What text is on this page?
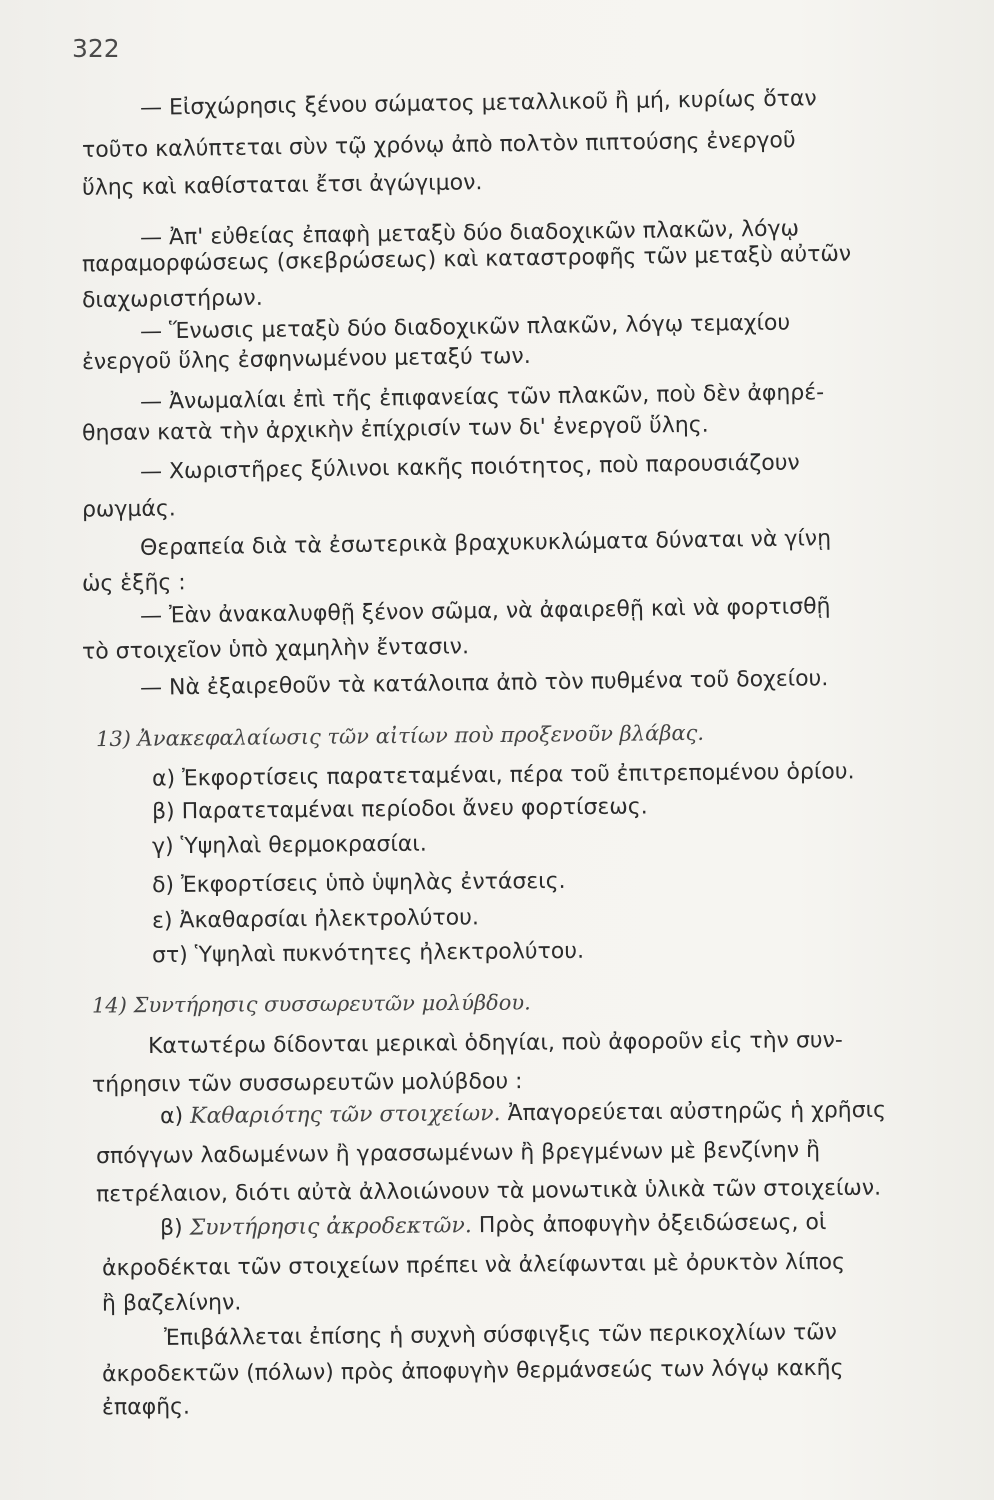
322
— Εἰσχώρησις ξένου σώματος μεταλλικοῦ ἢ μή, κυρίως ὅταν
τοῦτο καλύπτεται σὺν τῷ χρόνῳ ἀπὸ πολτὸν πιπτούσης ἐνεργοῦ
ὕλης καὶ καθίσταται ἔτσι ἀγώγιμον.
— Ἀπ' εὐθείας ἐπαφὴ μεταξὺ δύο διαδοχικῶν πλακῶν, λόγῳ
παραμορφώσεως (σκεβρώσεως) καὶ καταστροφῆς τῶν μεταξὺ αὐτῶν
διαχωριστήρων.
— Ἕνωσις μεταξὺ δύο διαδοχικῶν πλακῶν, λόγῳ τεμαχίου
ἐνεργοῦ ὕλης ἐσφηνωμένου μεταξύ των.
— Ἀνωμαλίαι ἐπὶ τῆς ἐπιφανείας τῶν πλακῶν, ποὺ δὲν ἀφηρέ-
θησαν κατὰ τὴν ἀρχικὴν ἐπίχρισίν των δι' ἐνεργοῦ ὕλης.
— Χωριστῆρες ξύλινοι κακῆς ποιότητος, ποὺ παρουσιάζουν
ρωγμάς.
Θεραπεία διὰ τὰ ἐσωτερικὰ βραχυκυκλώματα δύναται νὰ γίνῃ
ὡς ἑξῆς :
— Ἐὰν ἀνακαλυφθῇ ξένον σῶμα, νὰ ἀφαιρεθῇ καὶ νὰ φορτισθῇ
τὸ στοιχεῖον ὑπὸ χαμηλὴν ἔντασιν.
— Νὰ ἐξαιρεθοῦν τὰ κατάλοιπα ἀπὸ τὸν πυθμένα τοῦ δοχείου.
13) Ἀνακεφαλαίωσις τῶν αἰτίων ποὺ προξενοῦν βλάβας.
α) Ἐκφορτίσεις παρατεταμέναι, πέρα τοῦ ἐπιτρεπομένου ὁρίου.
β) Παρατεταμέναι περίοδοι ἄνευ φορτίσεως.
γ) Ὑψηλαὶ θερμοκρασίαι.
δ) Ἐκφορτίσεις ὑπὸ ὑψηλὰς ἐντάσεις.
ε) Ἀκαθαρσίαι ἠλεκτρολύτου.
στ) Ὑψηλαὶ πυκνότητες ἠλεκτρολύτου.
14) Συντήρησις συσσωρευτῶν μολύβδου.
Κατωτέρω δίδονται μερικαὶ ὁδηγίαι, ποὺ ἀφοροῦν εἰς τὴν συν-
τήρησιν τῶν συσσωρευτῶν μολύβδου :
α) Καθαριότης τῶν στοιχείων. Ἀπαγορεύεται αὐστηρῶς ἡ χρῆσις
σπόγγων λαδωμένων ἢ γρασσωμένων ἢ βρεγμένων μὲ βενζίνην ἢ
πετρέλαιον, διότι αὐτὰ ἀλλοιώνουν τὰ μονωτικὰ ὑλικὰ τῶν στοιχείων.
β) Συντήρησις ἀκροδεκτῶν. Πρὸς ἀποφυγὴν ὀξειδώσεως, οἱ
ἀκροδέκται τῶν στοιχείων πρέπει νὰ ἀλείφωνται μὲ ὀρυκτὸν λίπος
ἢ βαζελίνην.
Ἐπιβάλλεται ἐπίσης ἡ συχνὴ σύσφιγξις τῶν περικοχλίων τῶν
ἀκροδεκτῶν (πόλων) πρὸς ἀποφυγὴν θερμάνσεώς των λόγῳ κακῆς
ἐπαφῆς.
